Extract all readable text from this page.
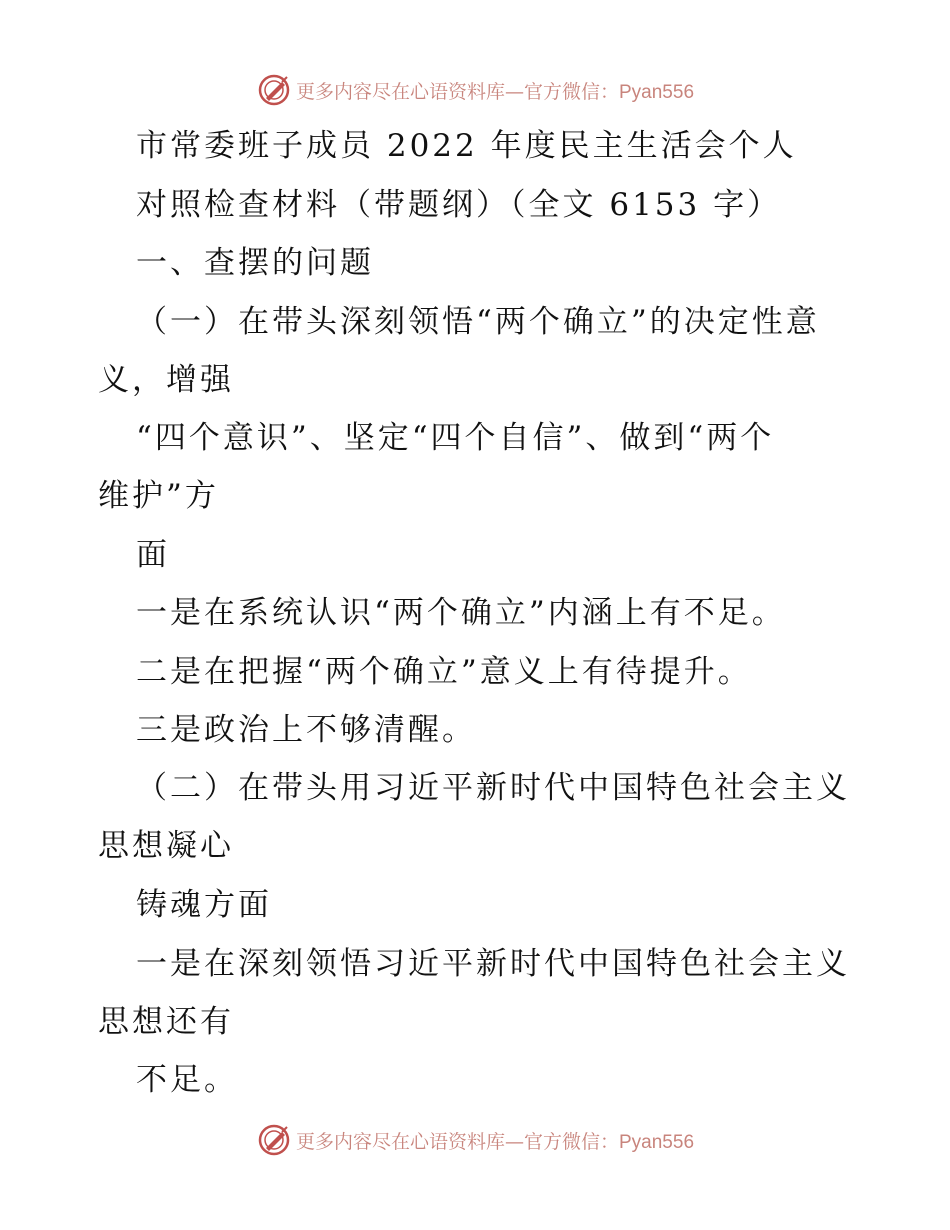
更多内容尽在心语资料库—官方微信：Pyan556
市常委班子成员 2022 年度民主生活会个人
对照检查材料（带题纲）（全文 6153 字）
一、查摆的问题
（一）在带头深刻领悟“两个确立”的决定性意
义，增强
“四个意识”、坚定“四个自信”、做到“两个
维护”方
面
一是在系统认识“两个确立”内涵上有不足。
二是在把握“两个确立”意义上有待提升。
三是政治上不够清醒。
（二）在带头用习近平新时代中国特色社会主义
思想凝心
铸魂方面
一是在深刻领悟习近平新时代中国特色社会主义
思想还有
不足。
更多内容尽在心语资料库—官方微信：Pyan556
